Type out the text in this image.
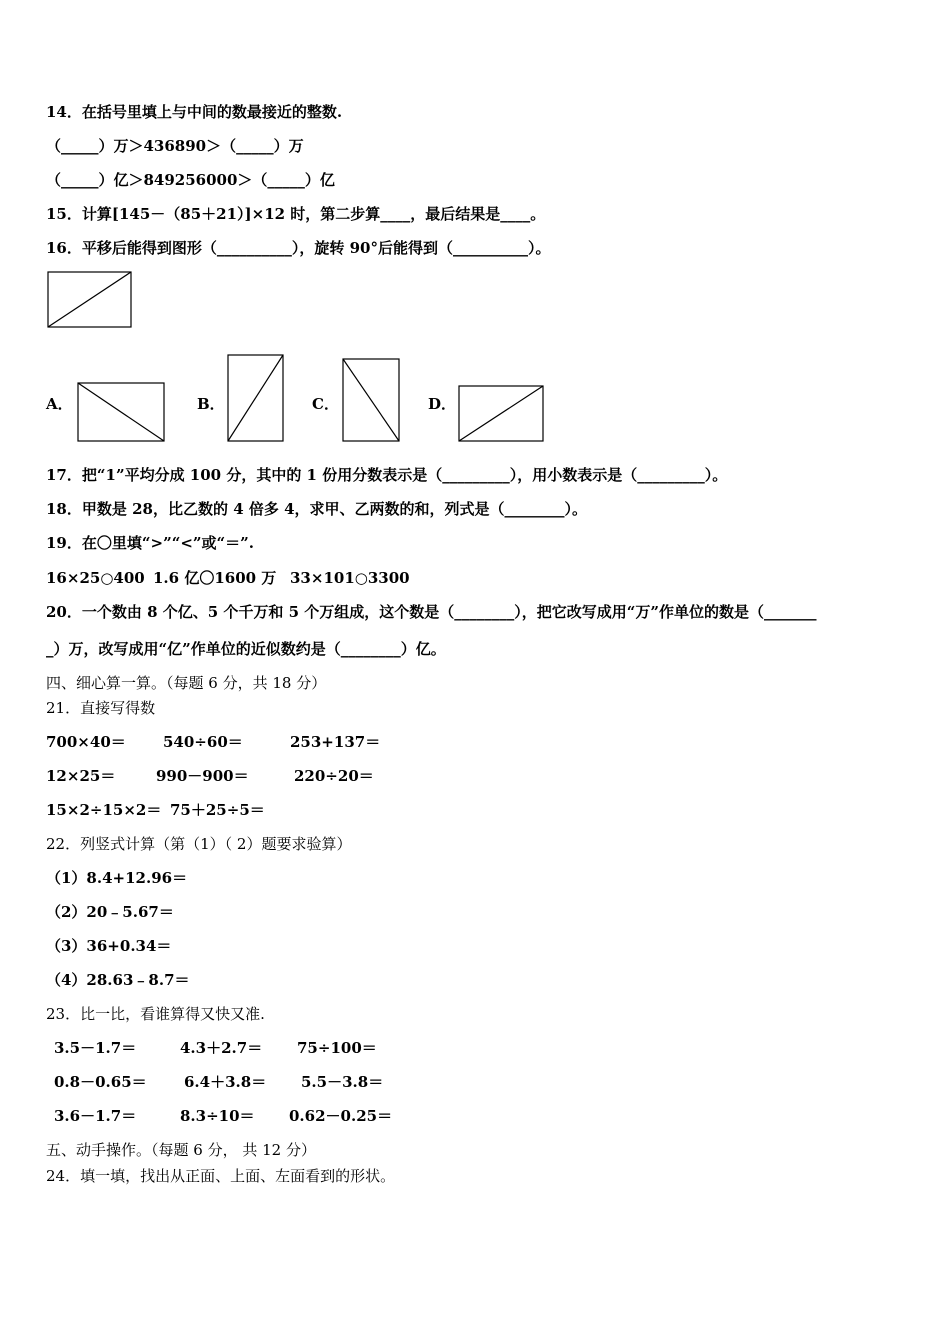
14．在括号里填上与中间的数最接近的整数.
（_____）万＞436890＞（_____）万
（_____）亿＞849256000＞（_____）亿
15．计算[145－（85＋21）]×12 时，第二步算____，最后结果是____。
16．平移后能得到图形（__________），旋转 90°后能得到（__________）。
A．	B．	C．	D．
17．把“1”平均分成 100 分，其中的 1 份用分数表示是（_________），用小数表示是（_________）。
18．甲数是 28，比乙数的 4 倍多 4，求甲、乙两数的和，列式是（________）。
19．在〇里填“>”“<”或“＝”.
16×25○400 1.6 亿〇1600 万 33×101○3300
20．一个数由 8 个亿、5 个千万和 5 个万组成，这个数是（________），把它改写成用“万”作单位的数是（_______
_）万，改写成用“亿”作单位的近似数约是（________）亿。
四、细心算一算。（每题 6 分，共 18 分）
21．直接写得数
700×40＝ 540÷60＝	253+137＝
12×25＝	990－900＝	220÷20＝
15×2÷15×2＝ 75＋25÷5＝
22．列竖式计算（第（1）（ 2）题要求验算）
（1）8.4+12.96＝
（2）20﹣5.67＝
（3）36+0.34＝
（4）28.63﹣8.7＝
23．比一比，看谁算得又快又准.
3.5－1.7＝	4.3＋2.7＝ 75÷100＝
0.8－0.65＝ 6.4＋3.8＝ 5.5－3.8＝
3.6－1.7＝	8.3÷10＝ 0.62－0.25＝
五、动手操作。（每题 6 分， 共 12 分）
24．填一填，找出从正面、上面、左面看到的形状。
